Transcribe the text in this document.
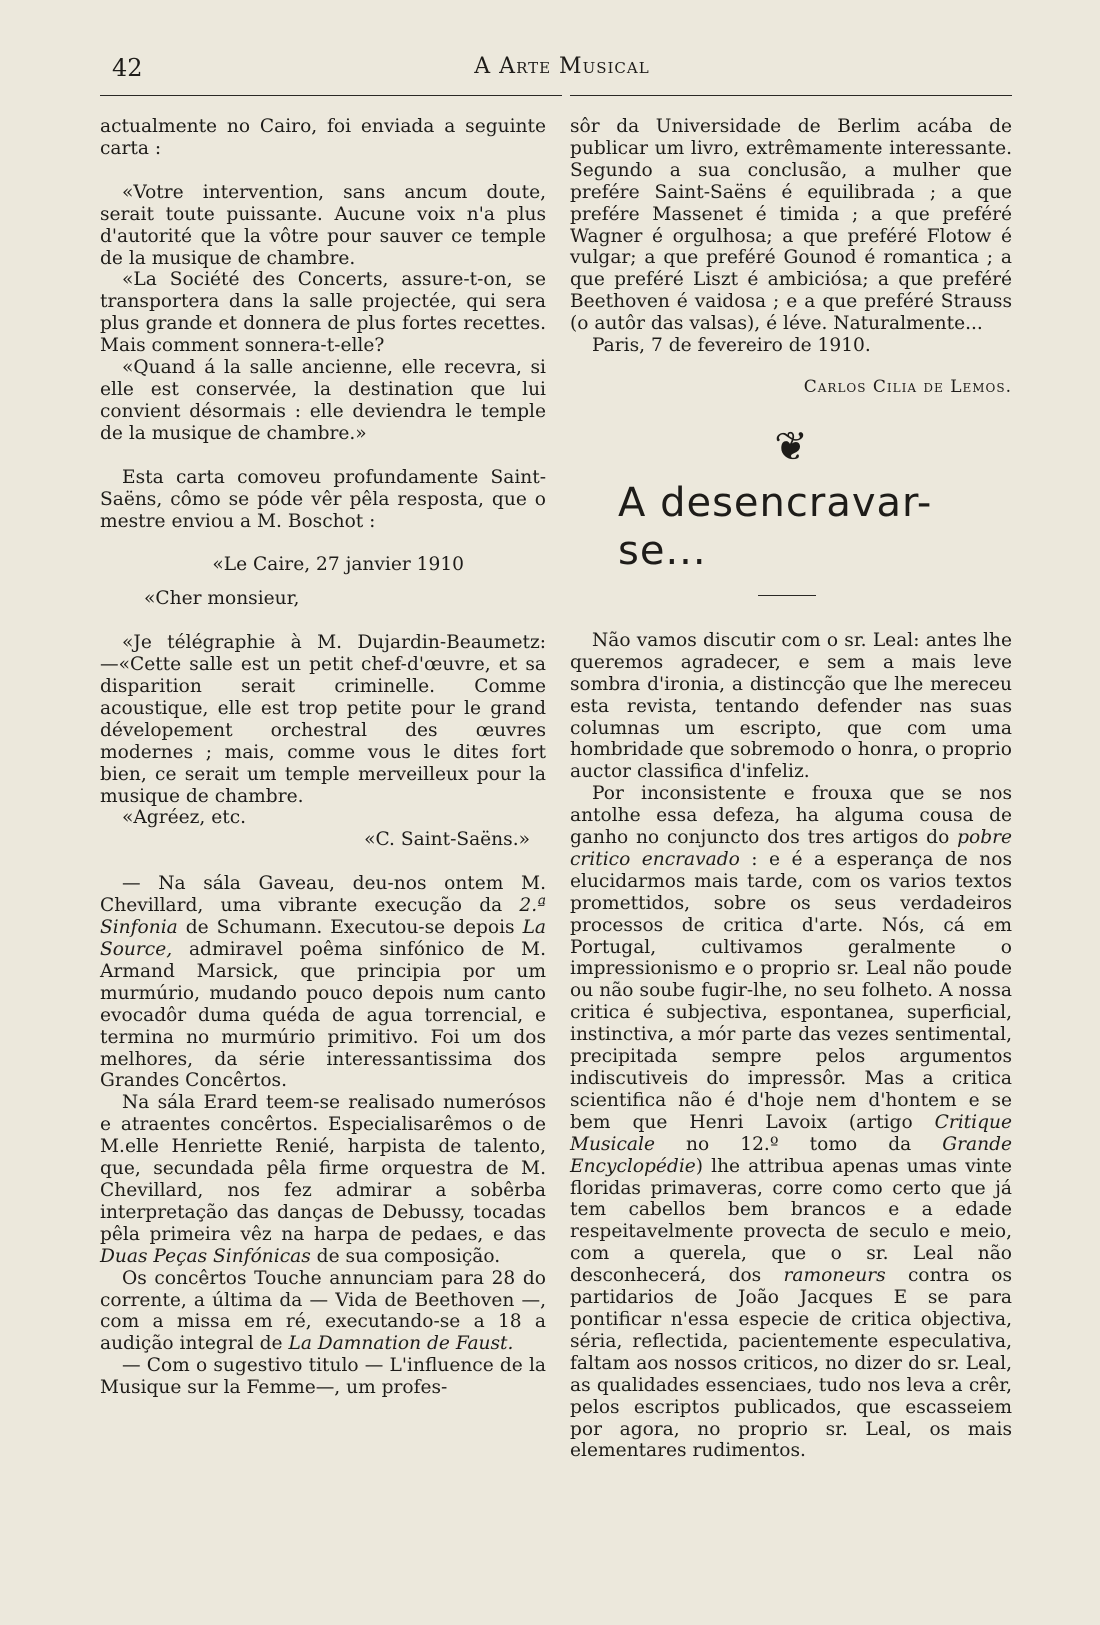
42	A Arte Musical

actualmente no Cairo, foi enviada a seguinte carta :

«Votre intervention, sans ancum doute, serait toute puissante. Aucune voix n'a plus d'autorité que la vôtre pour sauver ce temple de la musique de chambre.

«La Société des Concerts, assure-t-on, se transportera dans la salle projectée, qui sera plus grande et donnera de plus fortes recettes. Mais comment sonnera-t-elle?

«Quand á la salle ancienne, elle recevra, si elle est conservée, la destination que lui convient désormais : elle deviendra le temple de la musique de chambre.»

Esta carta comoveu profundamente Saint-Saëns, cômo se póde vêr pêla resposta, que o mestre enviou a M. Boschot :

«Le Caire, 27 janvier 1910

«Cher monsieur,

«Je télégraphie à M. Dujardin-Beaumetz: —«Cette salle est un petit chef-d'œuvre, et sa disparition serait criminelle. Comme acoustique, elle est trop petite pour le grand dévelopement orchestral des œuvres modernes ; mais, comme vous le dites fort bien, ce serait um temple merveilleux pour la musique de chambre.

«Agréez, etc.

«C. Saint-Saëns.»

— Na sála Gaveau, deu-nos ontem M. Chevillard, uma vibrante execução da 2.ª Sinfonia de Schumann. Executou-se depois La Source, admiravel poêma sinfónico de M. Armand Marsick, que principia por um murmúrio, mudando pouco depois num canto evocadôr duma quéda de agua torrencial, e termina no murmúrio primitivo. Foi um dos melhores, da série interessantissima dos Grandes Concêrtos.

Na sála Erard teem-se realisado numerósos e atraentes concêrtos. Especialisarêmos o de M.elle Henriette Renié, harpista de talento, que, secundada pêla firme orquestra de M. Chevillard, nos fez admirar a sobêrba interpretação das danças de Debussy, tocadas pêla primeira vêz na harpa de pedaes, e das Duas Peças Sinfónicas de sua composição.

Os concêrtos Touche annunciam para 28 do corrente, a última da — Vida de Beethoven —, com a missa em ré, executando-se a 18 a audição integral de La Damnation de Faust.

— Com o sugestivo titulo — L'influence de la Musique sur la Femme—, um profes-

sôr da Universidade de Berlim acába de publicar um livro, extrêmamente interessante. Segundo a sua conclusão, a mulher que preférе Saint-Saëns é equilibrada ; a que preférе Massenet é timida ; a que preféré Wagner é orgulhosa; a que preféré Flotow é vulgar; a que preféré Gounod é romantica ; a que preféré Liszt é ambiciósa; a que preféré Beethoven é vaidosa ; e a que preféré Strauss (o autôr das valsas), é léve. Naturalmente...

Paris, 7 de fevereiro de 1910.

Carlos Cilia de Lemos.

❦
A desencravar-se...

Não vamos discutir com o sr. Leal: antes lhe queremos agradecer, e sem a mais leve sombra d'ironia, a distincção que lhe mereceu esta revista, tentando defender nas suas columnas um escripto, que com uma hombridade que sobremodo o honra, o proprio auctor classifica d'infeliz.

Por inconsistente e frouxa que se nos antolhe essa defeza, ha alguma cousa de ganho no conjuncto dos tres artigos do pobre critico encravado : e é a esperança de nos elucidarmos mais tarde, com os varios textos promettidos, sobre os seus verdadeiros processos de critica d'arte. Nós, cá em Portugal, cultivamos geralmente o impressionismo e o proprio sr. Leal não poude ou não soube fugir-lhe, no seu folheto. A nossa critica é subjectiva, espontanea, superficial, instinctiva, a mór parte das vezes sentimental, precipitada sempre pelos argumentos indiscutiveis do impressôr. Mas a critica scientifica não é d'hoje nem d'hontem e se bem que Henri Lavoix (artigo Critique Musicale no 12.º tomo da Grande Encyclopédie) lhe attribua apenas umas vinte floridas primaveras, corre como certo que já tem cabellos bem brancos e a edade respeitavelmente provecta de seculo e meio, com a querela, que o sr. Leal não desconhecerá, dos ramoneurs contra os partidarios de João Jacques E se para pontificar n'essa especie de critica objectiva, séria, reflectida, pacientemente especulativa, faltam aos nossos criticos, no dizer do sr. Leal, as qualidades essenciaes, tudo nos leva a crêr, pelos escriptos publicados, que escasseiem por agora, no proprio sr. Leal, os mais elementares rudimentos.
